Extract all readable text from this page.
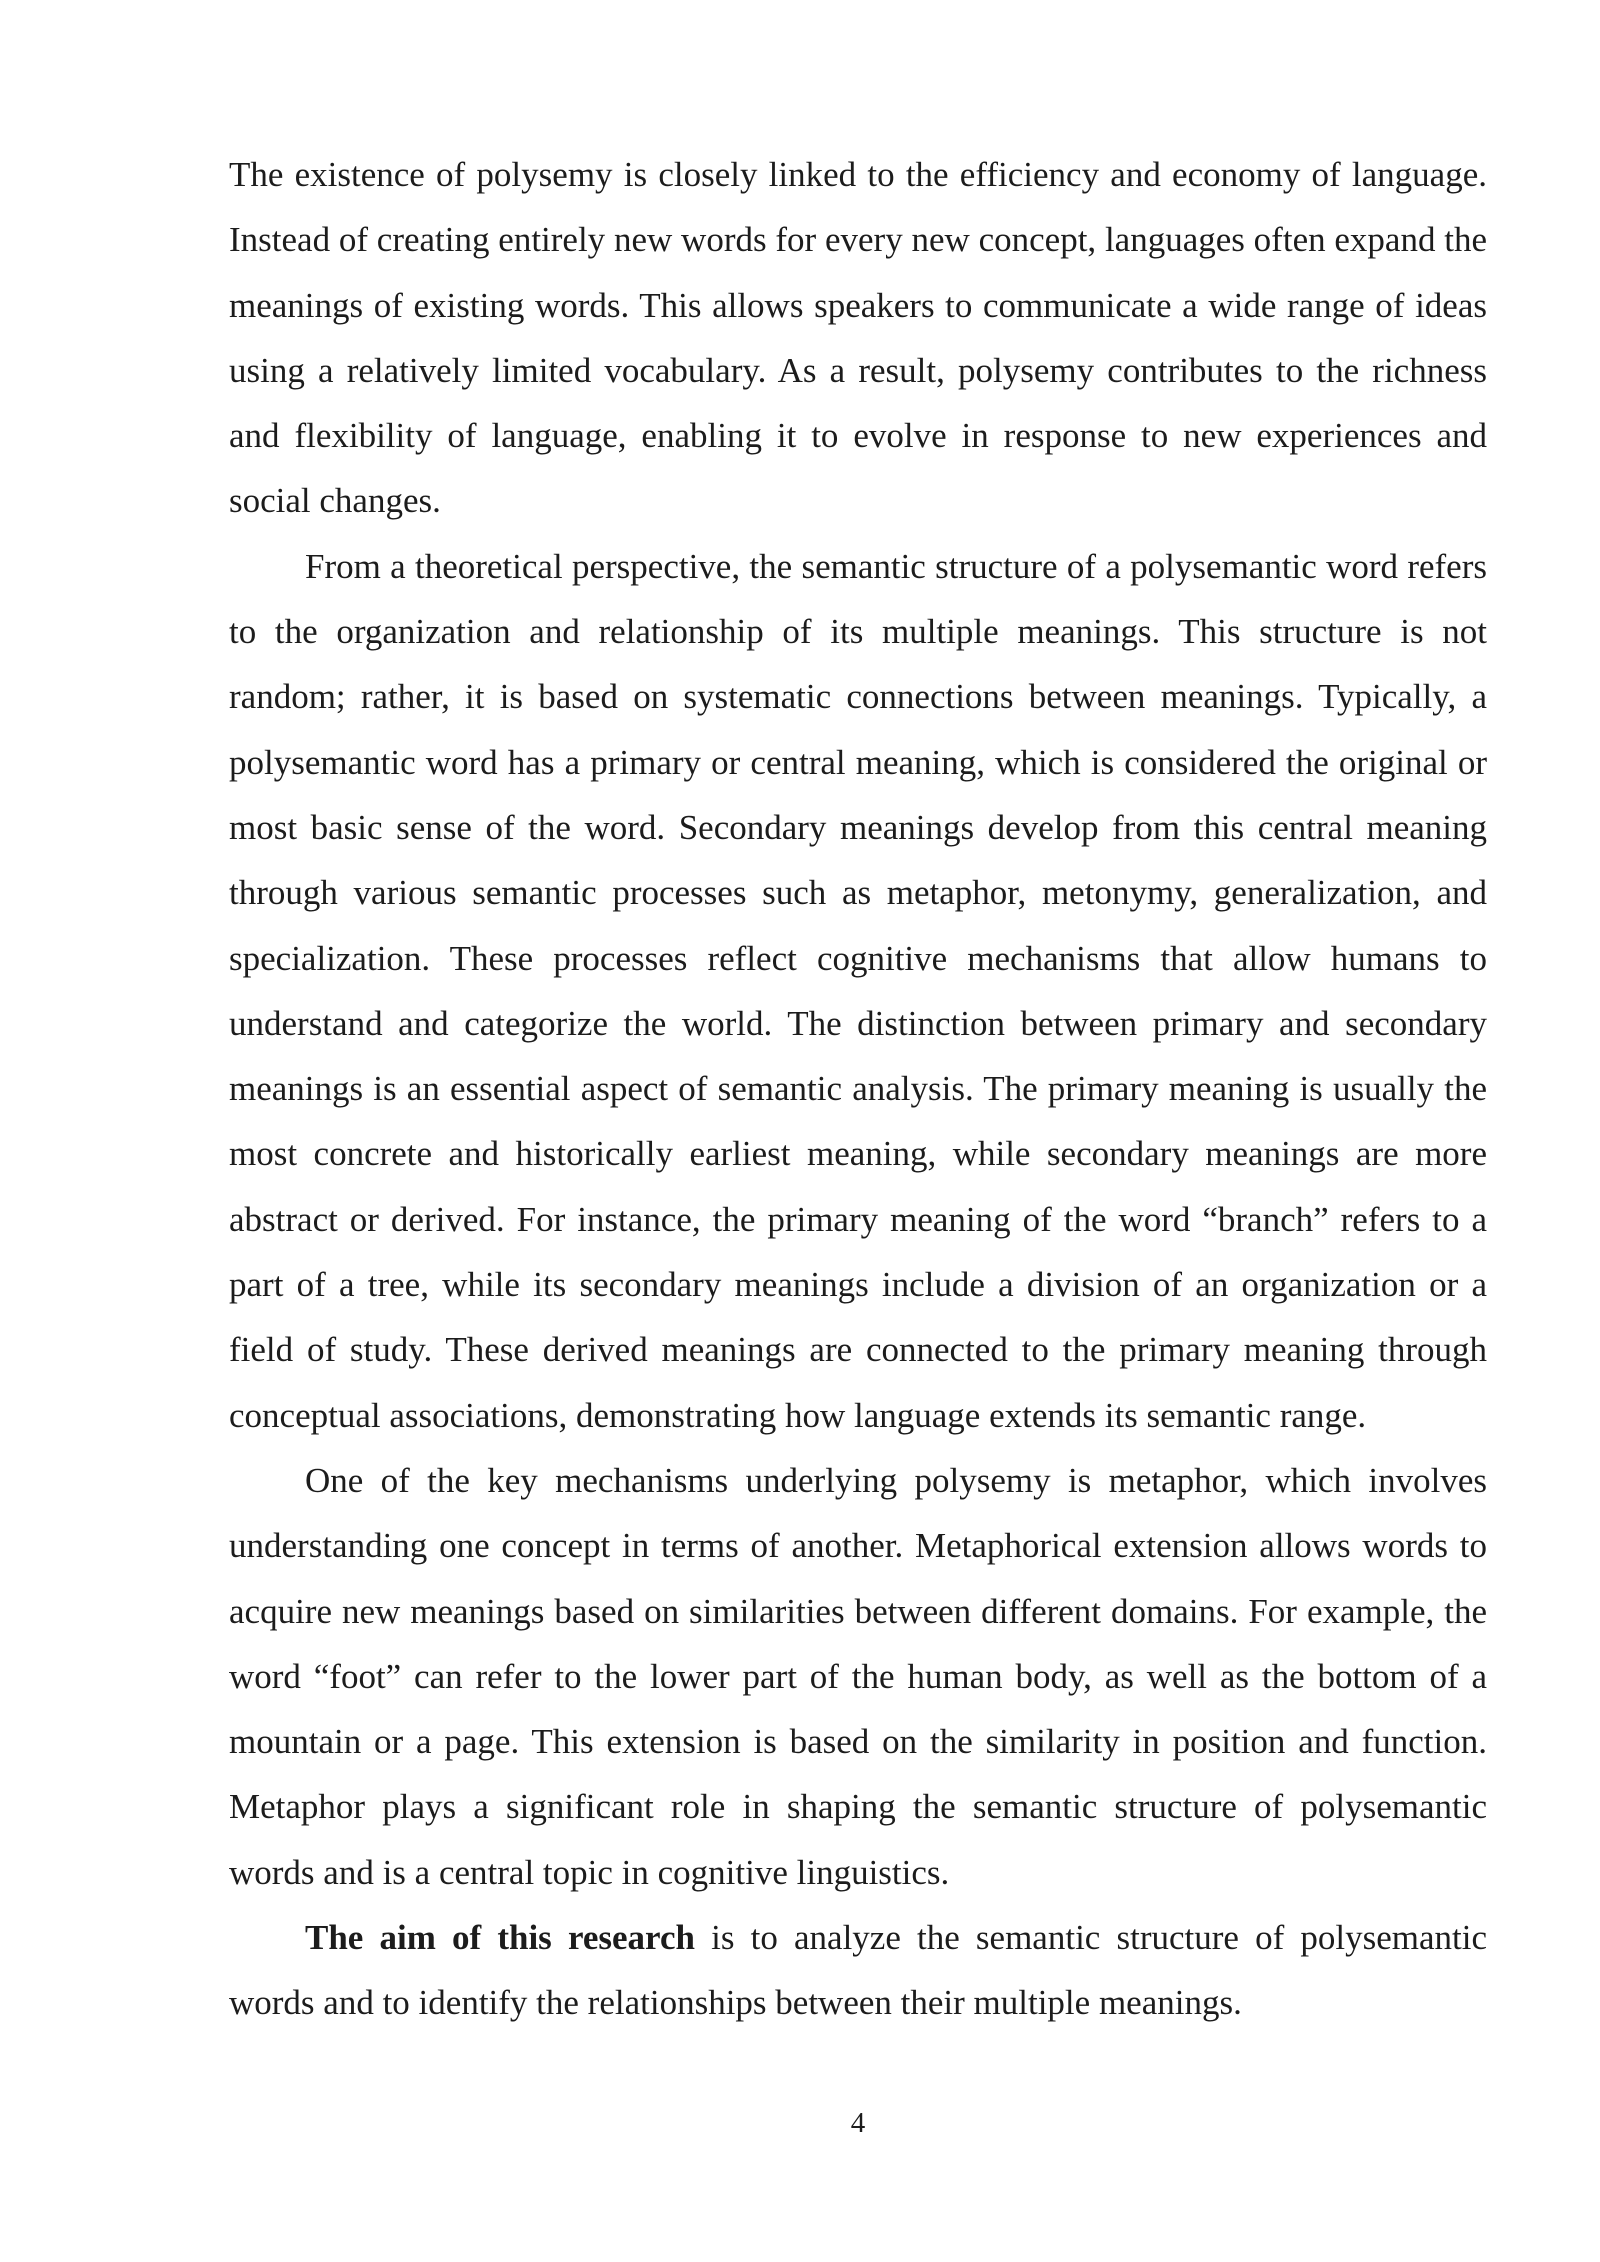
The existence of polysemy is closely linked to the efficiency and economy of language. Instead of creating entirely new words for every new concept, languages often expand the meanings of existing words. This allows speakers to communicate a wide range of ideas using a relatively limited vocabulary. As a result, polysemy contributes to the richness and flexibility of language, enabling it to evolve in response to new experiences and social changes.

From a theoretical perspective, the semantic structure of a polysemantic word refers to the organization and relationship of its multiple meanings. This structure is not random; rather, it is based on systematic connections between meanings. Typically, a polysemantic word has a primary or central meaning, which is considered the original or most basic sense of the word. Secondary meanings develop from this central meaning through various semantic processes such as metaphor, metonymy, generalization, and specialization. These processes reflect cognitive mechanisms that allow humans to understand and categorize the world. The distinction between primary and secondary meanings is an essential aspect of semantic analysis. The primary meaning is usually the most concrete and historically earliest meaning, while secondary meanings are more abstract or derived. For instance, the primary meaning of the word “branch” refers to a part of a tree, while its secondary meanings include a division of an organization or a field of study. These derived meanings are connected to the primary meaning through conceptual associations, demonstrating how language extends its semantic range.

One of the key mechanisms underlying polysemy is metaphor, which involves understanding one concept in terms of another. Metaphorical extension allows words to acquire new meanings based on similarities between different domains. For example, the word “foot” can refer to the lower part of the human body, as well as the bottom of a mountain or a page. This extension is based on the similarity in position and function. Metaphor plays a significant role in shaping the semantic structure of polysemantic words and is a central topic in cognitive linguistics.

The aim of this research is to analyze the semantic structure of polysemantic words and to identify the relationships between their multiple meanings.

4
